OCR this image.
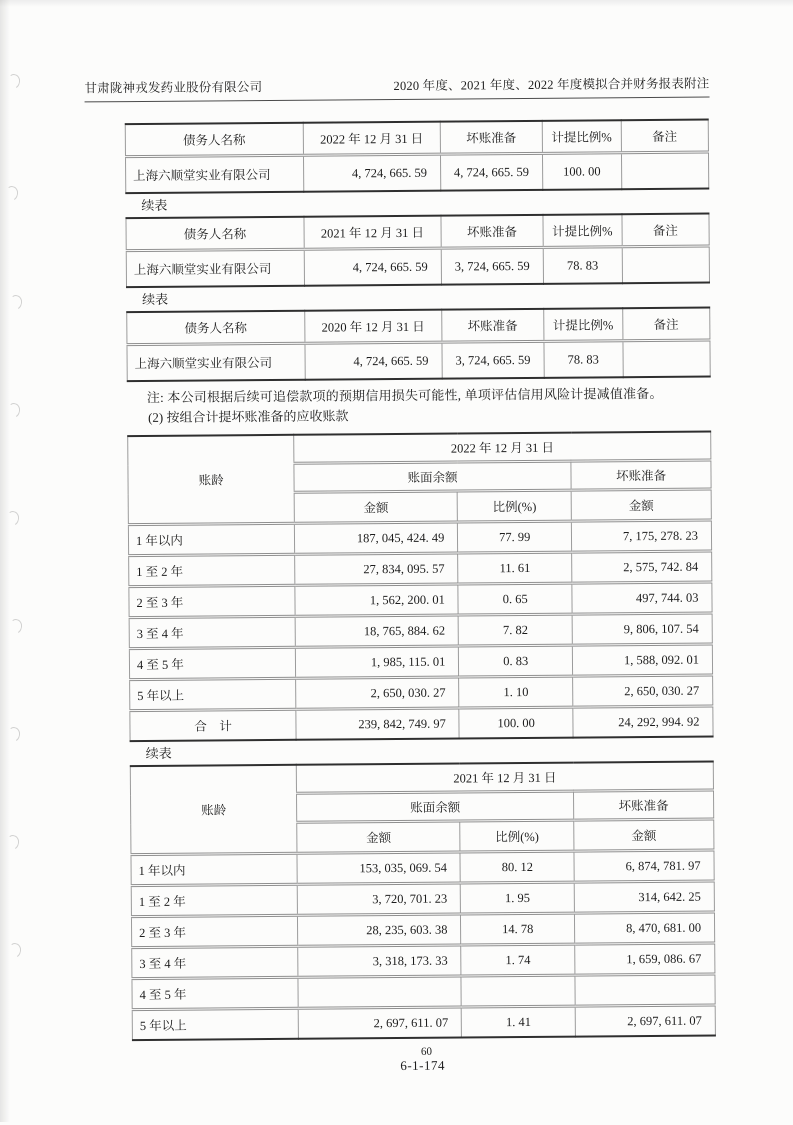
甘肃陇神戎发药业股份有限公司	2020 年度、2021 年度、2022 年度模拟合并财务报表附注
债务人名称	2022 年 12 月 31 日	坏账准备	计提比例%	备注
上海六顺堂实业有限公司	4, 724, 665. 59	4, 724, 665. 59	100. 00	

续表

债务人名称	2021 年 12 月 31 日	坏账准备	计提比例%	备注
上海六顺堂实业有限公司	4, 724, 665. 59	3, 724, 665. 59	78. 83	

续表

债务人名称	2020 年 12 月 31 日	坏账准备	计提比例%	备注
上海六顺堂实业有限公司	4, 724, 665. 59	3, 724, 665. 59	78. 83	

注: 本公司根据后续可追偿款项的预期信用损失可能性, 单项评估信用风险计提减值准备。

(2) 按组合计提坏账准备的应收账款

账龄	2022 年 12 月 31 日		
	账面余额		坏账准备
	金额	比例(%)	金额
1 年以内	187, 045, 424. 49	77. 99	7, 175, 278. 23
1 至 2 年	27, 834, 095. 57	11. 61	2, 575, 742. 84
2 至 3 年	1, 562, 200. 01	0. 65	497, 744. 03
3 至 4 年	18, 765, 884. 62	7. 82	9, 806, 107. 54
4 至 5 年	1, 985, 115. 01	0. 83	1, 588, 092. 01
5 年以上	2, 650, 030. 27	1. 10	2, 650, 030. 27
合　计	239, 842, 749. 97	100. 00	24, 292, 994. 92

续表

账龄	2021 年 12 月 31 日		
	账面余额		坏账准备
	金额	比例(%)	金额
1 年以内	153, 035, 069. 54	80. 12	6, 874, 781. 97
1 至 2 年	3, 720, 701. 23	1. 95	314, 642. 25
2 至 3 年	28, 235, 603. 38	14. 78	8, 470, 681. 00
3 至 4 年	3, 318, 173. 33	1. 74	1, 659, 086. 67
4 至 5 年			
5 年以上	2, 697, 611. 07	1. 41	2, 697, 611. 07
60
6-1-174
